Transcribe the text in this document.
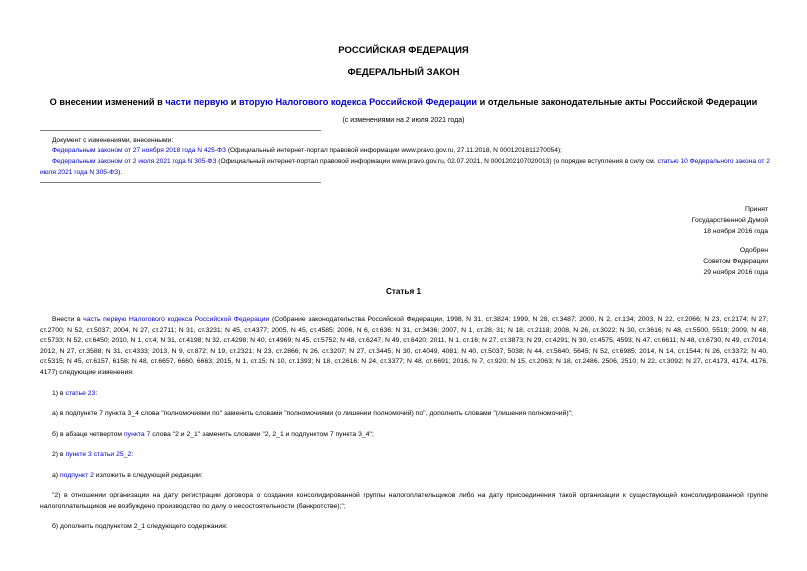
РОССИЙСКАЯ ФЕДЕРАЦИЯ
ФЕДЕРАЛЬНЫЙ ЗАКОН
О внесении изменений в части первую и вторую Налогового кодекса Российской Федерации и отдельные законодательные акты Российской Федерации
(с изменениями на 2 июля 2021 года)
Документ с изменениями, внесенными:
Федеральным законом от 27 ноября 2018 года N 425-ФЗ (Официальный интернет-портал правовой информации www.pravo.gov.ru, 27.11.2018, N 0001201811270054);
Федеральным законом от 2 июля 2021 года N 305-ФЗ (Официальный интернет-портал правовой информации www.pravo.gov.ru, 02.07.2021, N 0001202107020013) (о порядке вступления в силу см. статью 10 Федерального закона от 2 июля 2021 года N 305-ФЗ).
Принят
Государственной Думой
18 ноября 2016 года
Одобрен
Советом Федерации
29 ноября 2016 года
Статья 1
Внести в часть первую Налогового кодекса Российской Федерации (Собрание законодательства Российской Федерации, 1998, N 31, ст.3824; 1999, N 28, ст.3487; 2000, N 2, ст.134; 2003, N 22, ст.2066; N 23, ст.2174; N 27, ст.2700; N 52, ст.5037; 2004, N 27, ст.2711; N 31, ст.3231; N 45, ст.4377; 2005, N 45, ст.4585; 2006, N 6, ст.636; N 31, ст.3436; 2007, N 1, ст.28, 31; N 18, ст.2118; 2008, N 26, ст.3022; N 30, ст.3616; N 48, ст.5500, 5519; 2009, N 48, ст.5733; N 52, ст.6450; 2010, N 1, ст.4; N 31, ст.4198; N 32, ст.4298; N 40, ст.4969; N 45, ст.5752; N 48, ст.6247; N 49, ст.6420; 2011, N 1, ст.16; N 27, ст.3873; N 29, ст.4291; N 30, ст.4575, 4593; N 47, ст.6611; N 48, ст.6730; N 49, ст.7014; 2012, N 27, ст.3588; N 31, ст.4333; 2013, N 9, ст.872; N 19, ст.2321; N 23, ст.2866; N 26, ст.3207; N 27, ст.3445; N 30, ст.4049, 4081; N 40, ст.5037, 5038; N 44, ст.5640, 5645; N 52, ст.6985; 2014, N 14, ст.1544; N 26, ст.3372; N 40, ст.5315; N 45, ст.6157, 6158; N 48, ст.6657, 6660, 6663; 2015, N 1, ст.15; N 10, ст.1393; N 18, ст.2616; N 24, ст.3377; N 48, ст.6691; 2016, N 7, ст.920; N 15, ст.2063; N 18, ст.2486, 2506, 2510; N 22, ст.3092; N 27, ст.4173, 4174, 4176, 4177) следующие изменения:
1) в статье 23:
а) в подпункте 7 пункта 3_4 слова "полномочиями по" заменить словами "полномочиями (о лишении полномочий) по", дополнить словами "(лишения полномочий)";
б) в абзаце четвертом пункта 7 слова "2 и 2_1" заменить словами "2, 2_1 и подпунктом 7 пункта 3_4";
2) в пункте 3 статьи 25_2:
а) подпункт 2 изложить в следующей редакции:
"2) в отношении организации на дату регистрации договора о создании консолидированной группы налогоплательщиков либо на дату присоединения такой организации к существующей консолидированной группе налогоплательщиков не возбуждено производство по делу о несостоятельности (банкротстве);";
б) дополнить подпунктом 2_1 следующего содержания:
